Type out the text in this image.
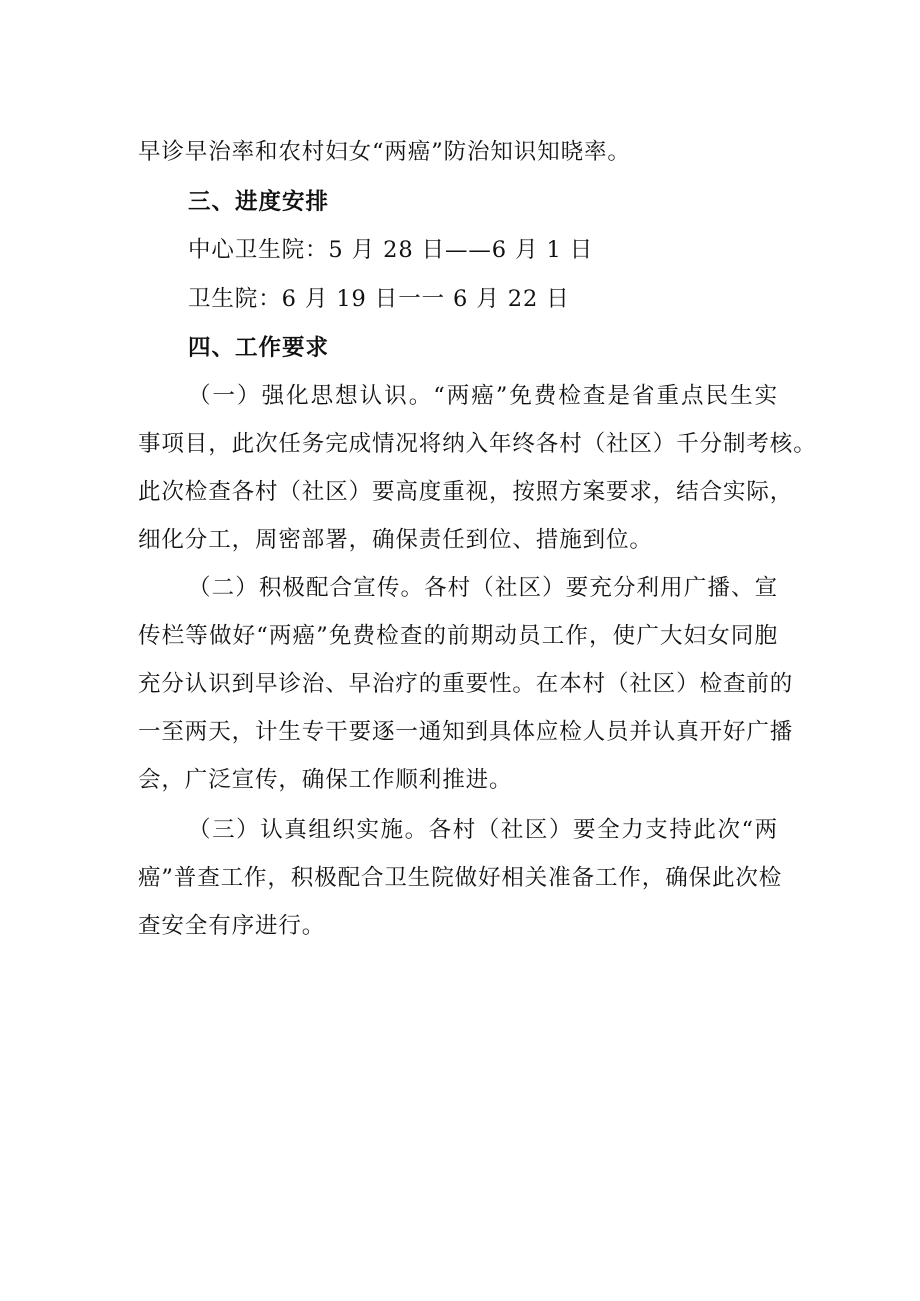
早诊早治率和农村妇女“两癌”防治知识知晓率。
三、进度安排
中心卫生院：5 月 28 日——6 月 1 日
卫生院：6 月 19 日一一 6 月 22 日
四、工作要求
（一）强化思想认识。“两癌”免费检查是省重点民生实
事项目，此次任务完成情况将纳入年终各村（社区）千分制考核。
此次检查各村（社区）要高度重视，按照方案要求，结合实际，
细化分工，周密部署，确保责任到位、措施到位。
（二）积极配合宣传。各村（社区）要充分利用广播、宣
传栏等做好“两癌”免费检查的前期动员工作，使广大妇女同胞
充分认识到早诊治、早治疗的重要性。在本村（社区）检查前的
一至两天，计生专干要逐一通知到具体应检人员并认真开好广播
会，广泛宣传，确保工作顺利推进。
（三）认真组织实施。各村（社区）要全力支持此次“两
癌”普查工作，积极配合卫生院做好相关准备工作，确保此次检
查安全有序进行。
